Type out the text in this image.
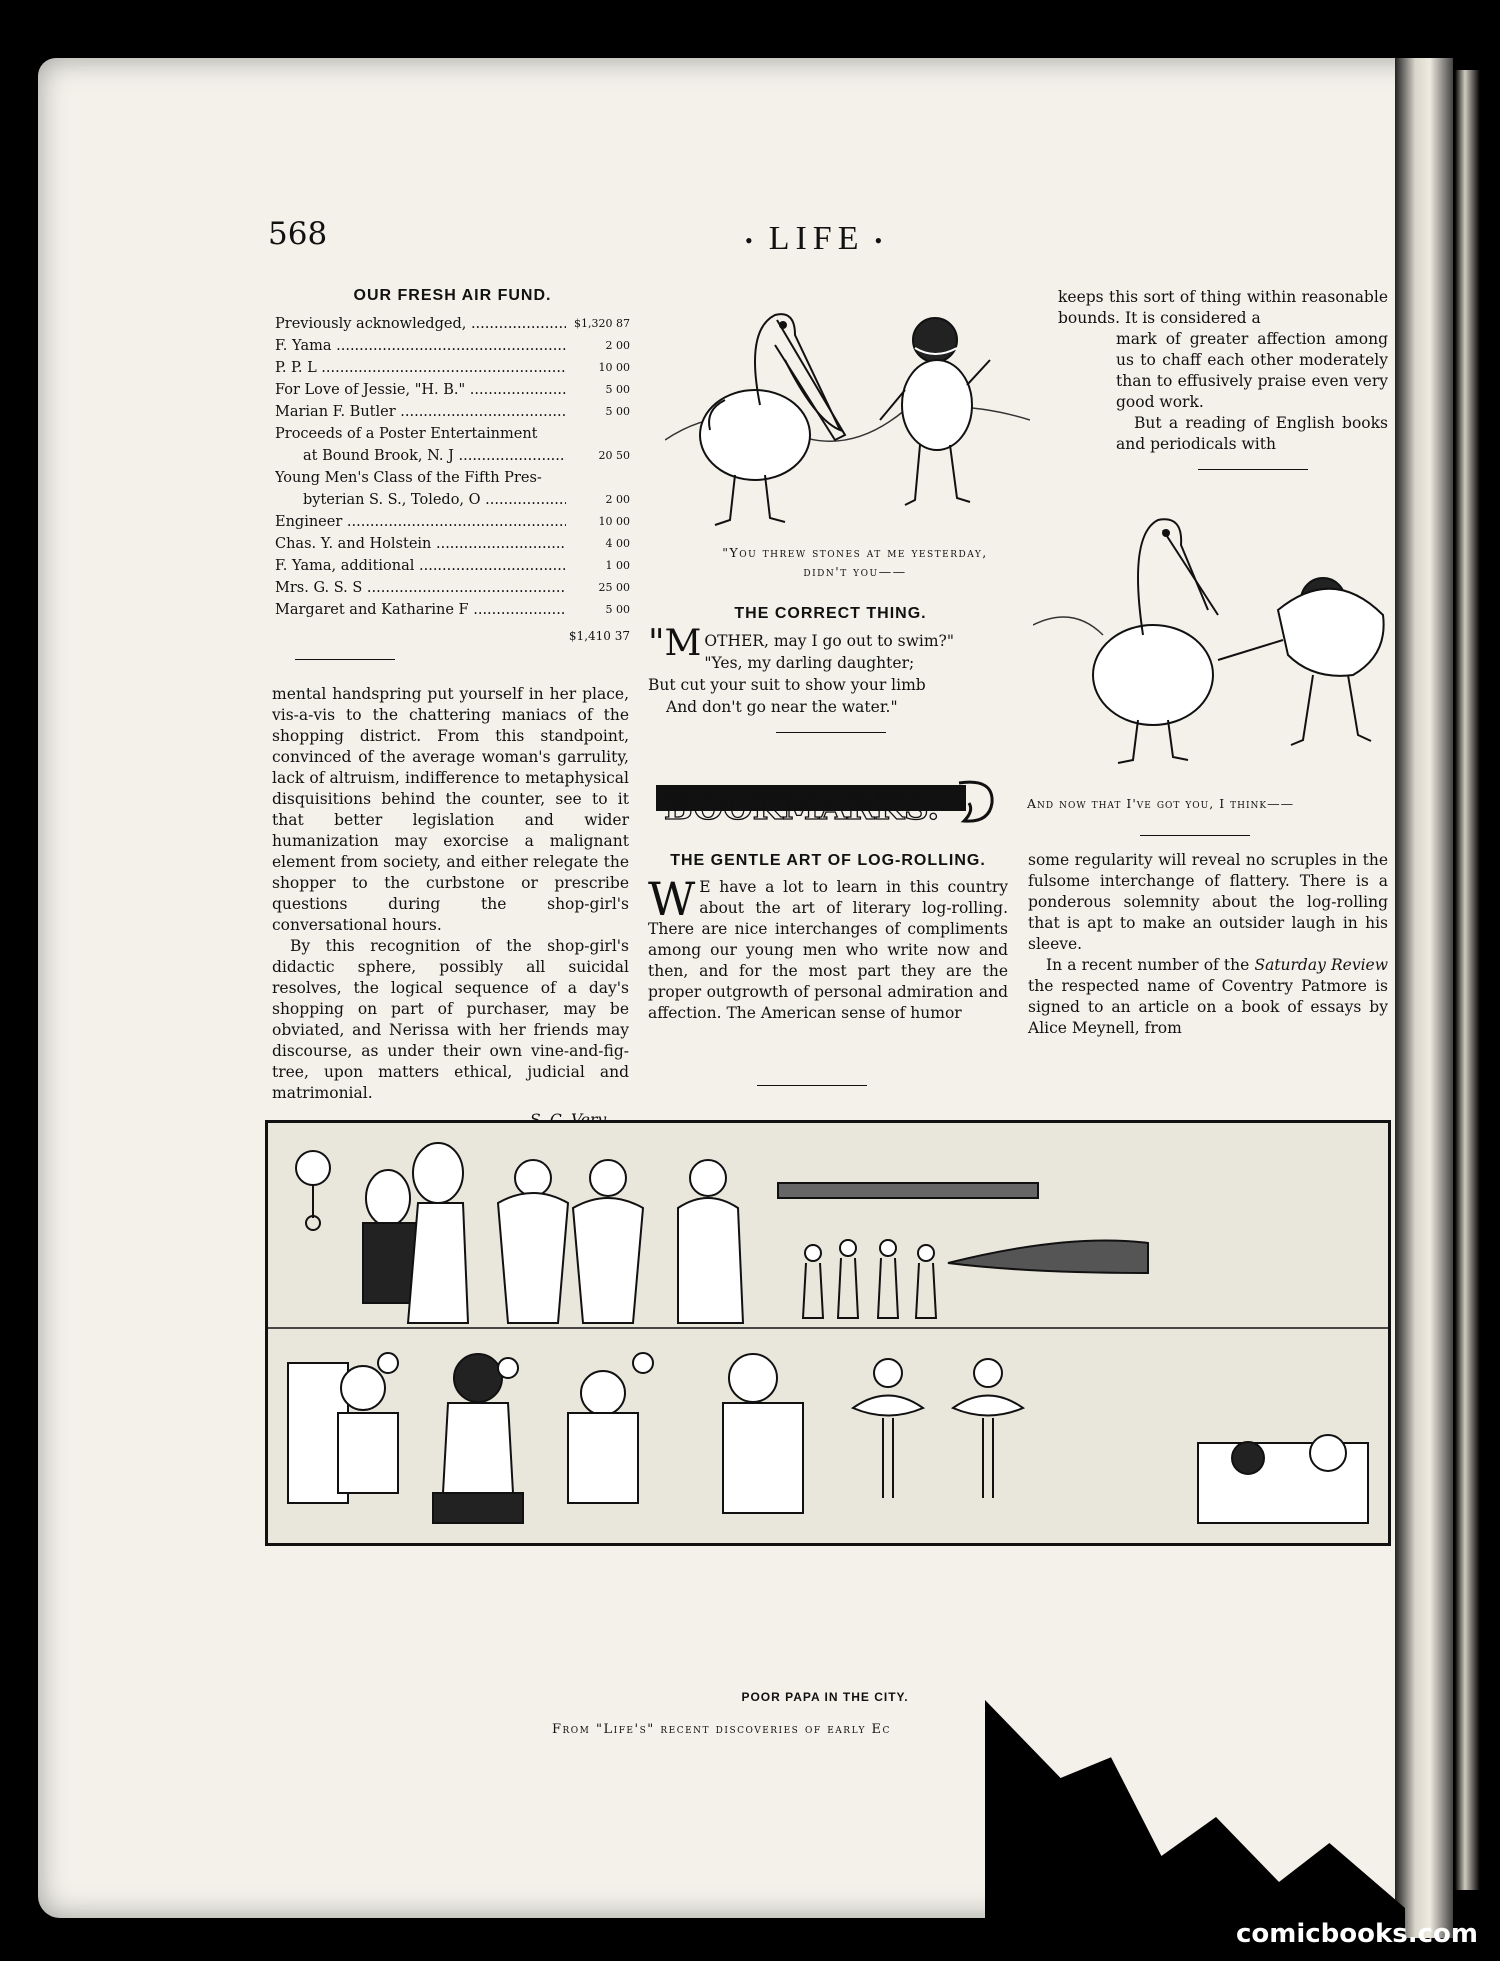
568	• LIFE •
OUR FRESH AIR FUND.
Previously acknowledged, .....	$1,320 87
F. Yama .....	2 00
P. P. L .....	10 00
For Love of Jessie, "H. B." .....	5 00
Marian F. Butler .....	5 00
Proceeds of a Poster Entertainment
at Bound Brook, N. J .....	20 50
Young Men's Class of the Fifth Pres-
byterian S. S., Toledo, O .....	2 00
Engineer .....	10 00
Chas. Y. and Holstein .....	4 00
F. Yama, additional .....	1 00
Mrs. G. S. S .....	25 00
Margaret and Katharine F .....	5 00
$1,410 37

mental handspring put yourself in her place, vis-a-vis to the chattering maniacs of the shopping district. From this standpoint, convinced of the average woman's garrulity, lack of altruism, indifference to metaphysical disquisitions behind the counter, see to it that better legislation and wider humanization may exorcise a malignant element from society, and either relegate the shopper to the curbstone or prescribe questions during the shop-girl's conversational hours.

By this recognition of the shop-girl's didactic sphere, possibly all suicidal resolves, the logical sequence of a day's shopping on part of purchaser, may be obviated, and Nerissa with her friends may discourse, as under their own vine-and-fig-tree, upon matters ethical, judicial and matrimonial.

S. C. Very.
"You threw stones at me yesterday,
didn't you——
THE CORRECT THING.
"M OTHER, may I go out to swim?"
"Yes, my darling daughter;
But cut your suit to show your limb
And don't go near the water."
BOOKMARKS.
THE GENTLE ART OF LOG-ROLLING.

W E have a lot to learn in this country about the art of literary log-rolling. There are nice interchanges of compliments among our young men who write now and then, and for the most part they are the proper outgrowth of personal admiration and affection. The American sense of humor

keeps this sort of thing within reasonable bounds. It is considered a

mark of greater affection among us to chaff each other moderately than to effusively praise even very good work.

But a reading of English books and periodicals with

And now that I've got you, I think——

some regularity will reveal no scruples in the fulsome interchange of flattery. There is a ponderous solemnity about the log-rolling that is apt to make an outsider laugh in his sleeve.

In a recent number of the Saturday Review the respected name of Coventry Patmore is signed to an article on a book of essays by Alice Meynell, from

POOR PAPA IN THE CITY.
From "Life's" recent discoveries of early Ec
comicbooks.com
